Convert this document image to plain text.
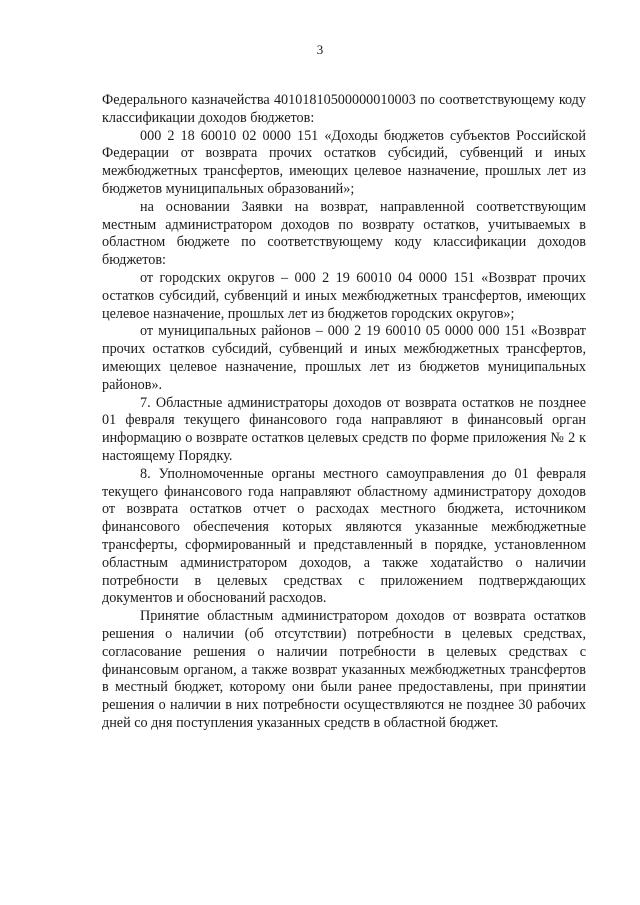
3

Федерального казначейства 40101810500000010003 по соответствующему коду классификации доходов бюджетов:

000 2 18 60010 02 0000 151 «Доходы бюджетов субъектов Российской Федерации от возврата прочих остатков субсидий, субвенций и иных межбюджетных трансфертов, имеющих целевое назначение, прошлых лет из бюджетов муниципальных образований»;

на основании Заявки на возврат, направленной соответствующим местным администратором доходов по возврату остатков, учитываемых в областном бюджете по соответствующему коду классификации доходов бюджетов:

от городских округов – 000 2 19 60010 04 0000 151 «Возврат прочих остатков субсидий, субвенций и иных межбюджетных трансфертов, имеющих целевое назначение, прошлых лет из бюджетов городских округов»;

от муниципальных районов – 000 2 19 60010 05 0000 000 151 «Возврат прочих остатков субсидий, субвенций и иных межбюджетных трансфертов, имеющих целевое назначение, прошлых лет из бюджетов муниципальных районов».

7. Областные администраторы доходов от возврата остатков не позднее 01 февраля текущего финансового года направляют в финансовый орган информацию о возврате остатков целевых средств по форме приложения № 2 к настоящему Порядку.

8. Уполномоченные органы местного самоуправления до 01 февраля текущего финансового года направляют областному администратору доходов от возврата остатков отчет о расходах местного бюджета, источником финансового обеспечения которых являются указанные межбюджетные трансферты, сформированный и представленный в порядке, установленном областным администратором доходов, а также ходатайство о наличии потребности в целевых средствах с приложением подтверждающих документов и обоснований расходов.

Принятие областным администратором доходов от возврата остатков решения о наличии (об отсутствии) потребности в целевых средствах, согласование решения о наличии потребности в целевых средствах с финансовым органом, а также возврат указанных межбюджетных трансфертов в местный бюджет, которому они были ранее предоставлены, при принятии решения о наличии в них потребности осуществляются не позднее 30 рабочих дней со дня поступления указанных средств в областной бюджет.
